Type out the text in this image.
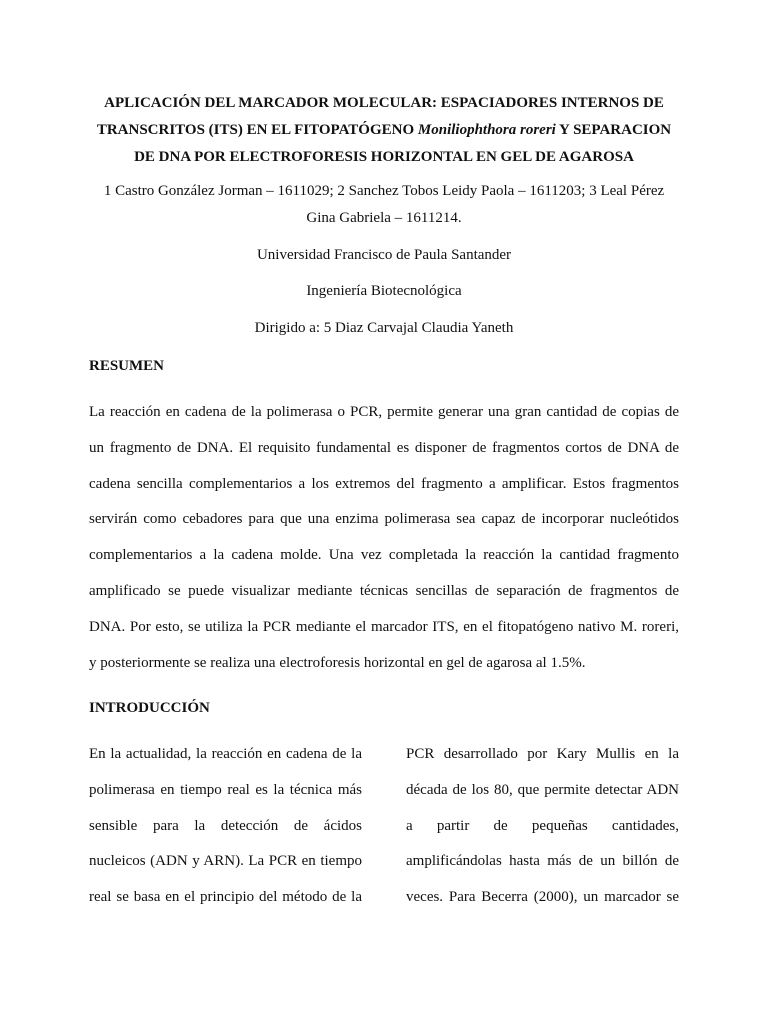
APLICACIÓN DEL MARCADOR MOLECULAR: ESPACIADORES INTERNOS DE
TRANSCRITOS (ITS) EN EL FITOPATÓGENO Moniliophthora roreri Y SEPARACION
DE DNA POR ELECTROFORESIS HORIZONTAL EN GEL DE AGAROSA
1 Castro González Jorman – 1611029; 2 Sanchez Tobos Leidy Paola – 1611203; 3 Leal Pérez
Gina Gabriela – 1611214.
Universidad Francisco de Paula Santander
Ingeniería Biotecnológica
Dirigido a: 5 Diaz Carvajal Claudia Yaneth
RESUMEN
La reacción en cadena de la polimerasa o PCR, permite generar una gran cantidad de copias de
un fragmento de DNA. El requisito fundamental es disponer de fragmentos cortos de DNA de
cadena sencilla complementarios a los extremos del fragmento a amplificar. Estos fragmentos
servirán como cebadores para que una enzima polimerasa sea capaz de incorporar nucleótidos
complementarios a la cadena molde. Una vez completada la reacción la cantidad fragmento
amplificado se puede visualizar mediante técnicas sencillas de separación de fragmentos de
DNA. Por esto, se utiliza la PCR mediante el marcador ITS, en el fitopatógeno nativo M. roreri,
y posteriormente se realiza una electroforesis horizontal en gel de agarosa al 1.5%.
INTRODUCCIÓN
En la actualidad, la reacción en cadena de la
polimerasa en tiempo real es la técnica más
sensible para la detección de ácidos
nucleicos (ADN y ARN). La PCR en tiempo
real se basa en el principio del método de la
PCR desarrollado por Kary Mullis en la
década de los 80, que permite detectar ADN
a partir de pequeñas cantidades,
amplificándolas hasta más de un billón de
veces. Para Becerra (2000), un marcador se
